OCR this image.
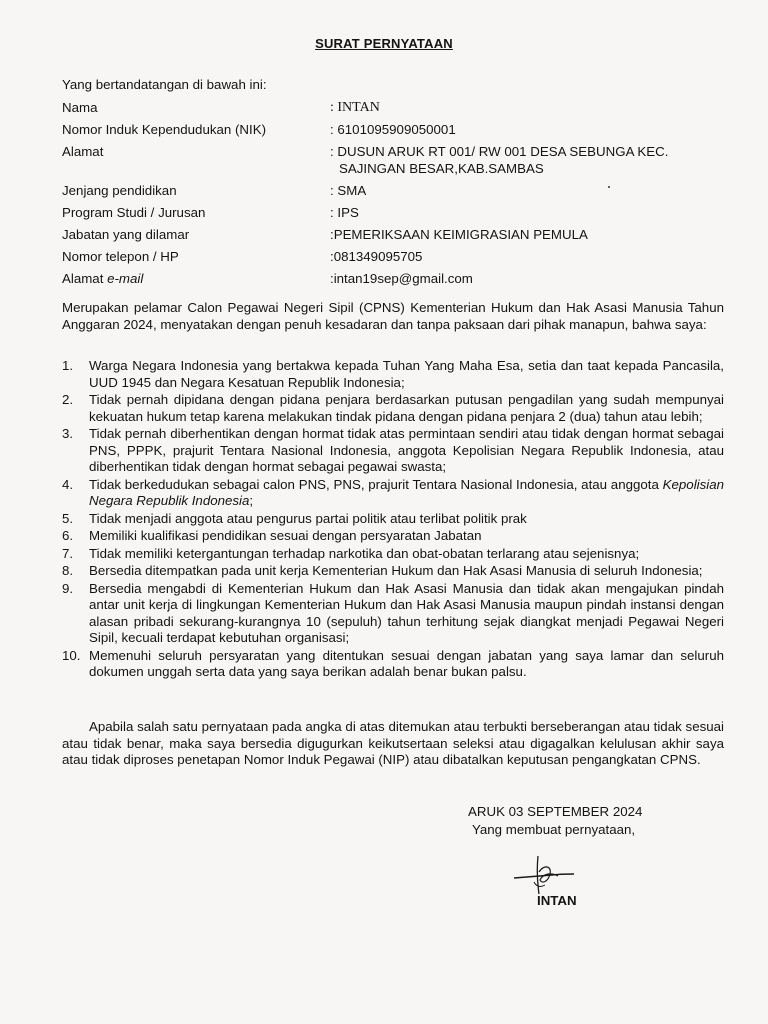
SURAT PERNYATAAN
Yang bertandatangan di bawah ini:
Nama	: INTAN
Nomor Induk Kependudukan (NIK)	: 6101095909050001
Alamat	: DUSUN ARUK RT 001/ RW 001 DESA SEBUNGA KEC.
SAJINGAN BESAR,KAB.SAMBAS
Jenjang pendidikan	: SMA
Program Studi / Jurusan	: IPS
Jabatan yang dilamar	:PEMERIKSAAN KEIMIGRASIAN PEMULA
Nomor telepon / HP	:081349095705
Alamat e-mail	:intan19sep@gmail.com
Merupakan pelamar Calon Pegawai Negeri Sipil (CPNS) Kementerian Hukum dan Hak Asasi Manusia Tahun Anggaran 2024, menyatakan dengan penuh kesadaran dan tanpa paksaan dari pihak manapun, bahwa saya:
1.	Warga Negara Indonesia yang bertakwa kepada Tuhan Yang Maha Esa, setia dan taat kepada Pancasila, UUD 1945 dan Negara Kesatuan Republik Indonesia;
2.	Tidak pernah dipidana dengan pidana penjara berdasarkan putusan pengadilan yang sudah mempunyai kekuatan hukum tetap karena melakukan tindak pidana dengan pidana penjara 2 (dua) tahun atau lebih;
3.	Tidak pernah diberhentikan dengan hormat tidak atas permintaan sendiri atau tidak dengan hormat sebagai PNS, PPPK, prajurit Tentara Nasional Indonesia, anggota Kepolisian Negara Republik Indonesia, atau diberhentikan tidak dengan hormat sebagai pegawai swasta;
4.	Tidak berkedudukan sebagai calon PNS, PNS, prajurit Tentara Nasional Indonesia, atau anggota Kepolisian Negara Republik Indonesia;
5.	Tidak menjadi anggota atau pengurus partai politik atau terlibat politik prak
6.	Memiliki kualifikasi pendidikan sesuai dengan persyaratan Jabatan
7.	Tidak memiliki ketergantungan terhadap narkotika dan obat-obatan terlarang atau sejenisnya;
8.	Bersedia ditempatkan pada unit kerja Kementerian Hukum dan Hak Asasi Manusia di seluruh Indonesia;
9.	Bersedia mengabdi di Kementerian Hukum dan Hak Asasi Manusia dan tidak akan mengajukan pindah antar unit kerja di lingkungan Kementerian Hukum dan Hak Asasi Manusia maupun pindah instansi dengan alasan pribadi sekurang-kurangnya 10 (sepuluh) tahun terhitung sejak diangkat menjadi Pegawai Negeri Sipil, kecuali terdapat kebutuhan organisasi;
10. Memenuhi seluruh persyaratan yang ditentukan sesuai dengan jabatan yang saya lamar dan seluruh dokumen unggah serta data yang saya berikan adalah benar bukan palsu.
Apabila salah satu pernyataan pada angka di atas ditemukan atau terbukti berseberangan atau tidak sesuai atau tidak benar, maka saya bersedia digugurkan keikutsertaan seleksi atau digagalkan kelulusan akhir saya atau tidak diproses penetapan Nomor Induk Pegawai (NIP) atau dibatalkan keputusan pengangkatan CPNS.
ARUK 03 SEPTEMBER 2024
Yang membuat pernyataan,
INTAN
